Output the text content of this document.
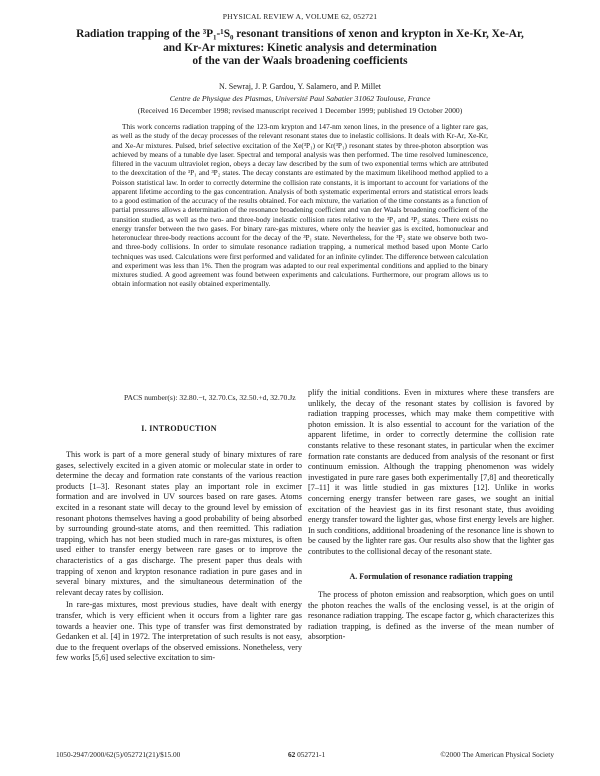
PHYSICAL REVIEW A, VOLUME 62, 052721
Radiation trapping of the ³P₁-¹S₀ resonant transitions of xenon and krypton in Xe-Kr, Xe-Ar,
and Kr-Ar mixtures: Kinetic analysis and determination
of the van der Waals broadening coefficients
N. Sewraj, J. P. Gardou, Y. Salamero, and P. Millet
Centre de Physique des Plasmas, Université Paul Sabatier 31062 Toulouse, France
(Received 16 December 1998; revised manuscript received 1 December 1999; published 19 October 2000)
This work concerns radiation trapping of the 123-nm krypton and 147-nm xenon lines, in the presence of a lighter rare gas, as well as the study of the decay processes of the relevant resonant states due to inelastic collisions. It deals with Kr-Ar, Xe-Kr, and Xe-Ar mixtures. Pulsed, brief selective excitation of the Xe(³P₁) or Kr(³P₁) resonant states by three-photon absorption was achieved by means of a tunable dye laser. Spectral and temporal analysis was then performed. The time resolved luminescence, filtered in the vacuum ultraviolet region, obeys a decay law described by the sum of two exponential terms which are attributed to the deexcitation of the ³P₁ and ³P₂ states. The decay constants are estimated by the maximum likelihood method applied to a Poisson statistical law. In order to correctly determine the collision rate constants, it is important to account for variations of the apparent lifetime according to the gas concentration. Analysis of both systematic experimental errors and statistical errors leads to a good estimation of the accuracy of the results obtained. For each mixture, the variation of the time constants as a function of partial pressures allows a determination of the resonance broadening coefficient and van der Waals broadening coefficient of the transition studied, as well as the two- and three-body inelastic collision rates relative to the ³P₁ and ³P₂ states. There exists no energy transfer between the two gases. For binary rare-gas mixtures, where only the heavier gas is excited, homonuclear and heteronuclear three-body reactions account for the decay of the ³P₁ state. Nevertheless, for the ³P₂ state we observe both two- and three-body collisions. In order to simulate resonance radiation trapping, a numerical method based upon Monte Carlo techniques was used. Calculations were first performed and validated for an infinite cylinder. The difference between calculation and experiment was less than 1%. Then the program was adapted to our real experimental conditions and applied to the binary mixtures studied. A good agreement was found between experiments and calculations. Furthermore, our program allows us to obtain information not easily obtained experimentally.
PACS number(s): 32.80.−t, 32.70.Cs, 32.50.+d, 32.70.Jz
I. INTRODUCTION

This work is part of a more general study of binary mixtures of rare gases, selectively excited in a given atomic or molecular state in order to determine the decay and formation rate constants of the various reaction products [1–3]. Resonant states play an important role in excimer formation and are involved in UV sources based on rare gases. Atoms excited in a resonant state will decay to the ground level by emission of resonant photons themselves having a good probability of being absorbed by surrounding ground-state atoms, and then reemitted. This radiation trapping, which has not been studied much in rare-gas mixtures, is often used either to transfer energy between rare gases or to improve the characteristics of a gas discharge. The present paper thus deals with trapping of xenon and krypton resonance radiation in pure gases and in several binary mixtures, and the simultaneous determination of the relevant decay rates by collision.

In rare-gas mixtures, most previous studies, have dealt with energy transfer, which is very efficient when it occurs from a lighter rare gas towards a heavier one. This type of transfer was first demonstrated by Gedanken et al. [4] in 1972. The interpretation of such results is not easy, due to the frequent overlaps of the observed emissions. Nonetheless, very few works [5,6] used selective excitation to sim-

plify the initial conditions. Even in mixtures where these transfers are unlikely, the decay of the resonant states by collision is favored by radiation trapping processes, which may make them competitive with photon emission. It is also essential to account for the variation of the apparent lifetime, in order to correctly determine the collision rate constants relative to these resonant states, in particular when the excimer formation rate constants are deduced from analysis of the resonant or first continuum emission. Although the trapping phenomenon was widely investigated in pure rare gases both experimentally [7,8] and theoretically [7–11] it was little studied in gas mixtures [12]. Unlike in works concerning energy transfer between rare gases, we sought an initial excitation of the heaviest gas in its first resonant state, thus avoiding energy transfer toward the lighter gas, whose first energy levels are higher. In such conditions, additional broadening of the resonance line is shown to be caused by the lighter rare gas. Our results also show that the lighter gas contributes to the collisional decay of the resonant state.

A. Formulation of resonance radiation trapping

The process of photon emission and reabsorption, which goes on until the photon reaches the walls of the enclosing vessel, is at the origin of resonance radiation trapping. The escape factor g, which characterizes this radiation trapping, is defined as the inverse of the mean number of absorption-

1050-2947/2000/62(5)/052721(21)/$15.00	62 052721-1	©2000 The American Physical Society
